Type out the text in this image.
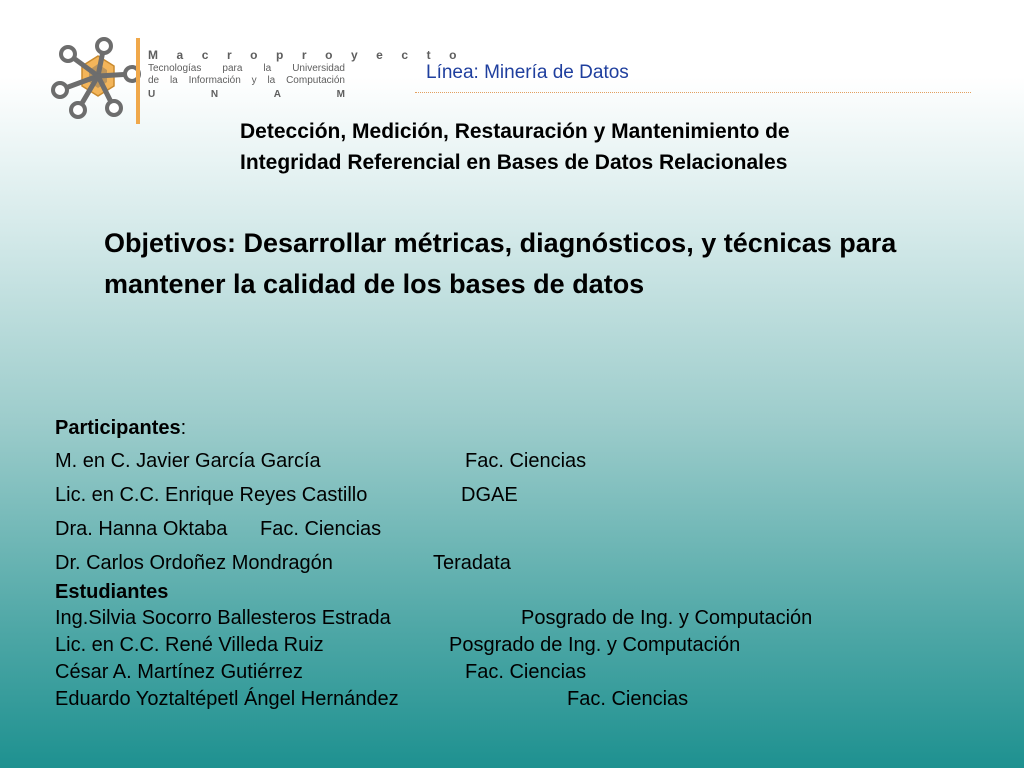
M a c r o p r o y e c t o
Tecnologías para la Universidad
de la Información y la Computación
U	N	A	M
Línea: Minería de Datos
Detección, Medición, Restauración y Mantenimiento de
Integridad Referencial en Bases de Datos Relacionales
Objetivos: Desarrollar métricas, diagnósticos, y técnicas para mantener la calidad de los bases de datos
Participantes:
M. en C. Javier García García	Fac. Ciencias
Lic. en C.C. Enrique Reyes Castillo	DGAE
Dra. Hanna Oktaba Fac. Ciencias
Dr. Carlos Ordoñez Mondragón	Teradata
Estudiantes
Ing.Silvia Socorro Ballesteros Estrada	Posgrado de Ing. y Computación
Lic. en C.C. René Villeda Ruiz	Posgrado de Ing. y Computación
César A. Martínez Gutiérrez	Fac. Ciencias
Eduardo Yoztaltépetl Ángel Hernández	Fac. Ciencias
